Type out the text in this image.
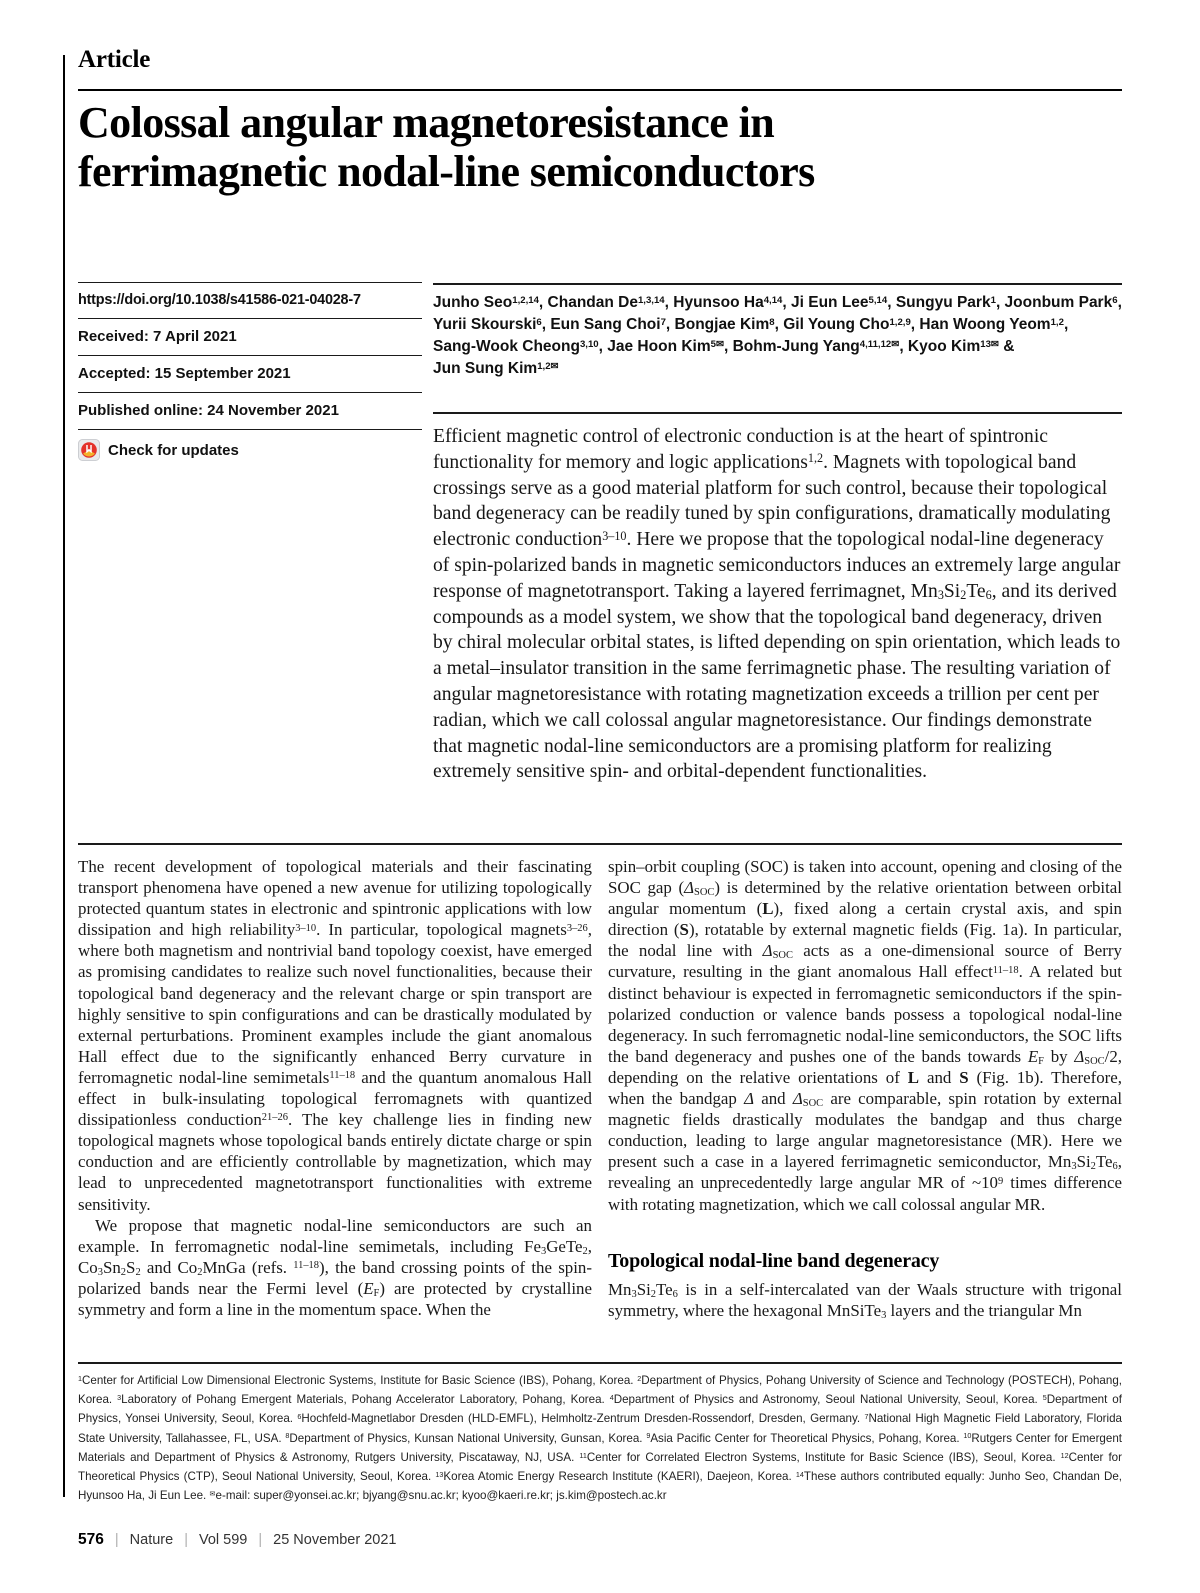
Article
Colossal angular magnetoresistance in
ferrimagnetic nodal-line semiconductors
https://doi.org/10.1038/s41586-021-04028-7
Received: 7 April 2021
Accepted: 15 September 2021
Published online: 24 November 2021
Check for updates
Junho Seo$^{1,2,14}$, Chandan De$^{1,3,14}$, Hyunsoo Ha$^{4,14}$, Ji Eun Lee$^{5,14}$, Sungyu Park$^1$, Joonbum Park$^6$,
Yurii Skourski$^6$, Eun Sang Choi$^7$, Bongjae Kim$^8$, Gil Young Cho$^{1,2,9}$, Han Woong Yeom$^{1,2}$,
Sang-Wook Cheong$^{3,10}$, Jae Hoon Kim$^{5✉}$, Bohm-Jung Yang$^{4,11,12✉}$, Kyoo Kim$^{13✉}$ &
Jun Sung Kim$^{1,2✉}$
Efficient magnetic control of electronic conduction is at the heart of spintronic functionality for memory and logic applications$^{1,2}$. Magnets with topological band crossings serve as a good material platform for such control, because their topological band degeneracy can be readily tuned by spin configurations, dramatically modulating electronic conduction$^{3-10}$. Here we propose that the topological nodal-line degeneracy of spin-polarized bands in magnetic semiconductors induces an extremely large angular response of magnetotransport. Taking a layered ferrimagnet, $Mn_3Si_2Te_6$, and its derived compounds as a model system, we show that the topological band degeneracy, driven by chiral molecular orbital states, is lifted depending on spin orientation, which leads to a metal–insulator transition in the same ferrimagnetic phase. The resulting variation of angular magnetoresistance with rotating magnetization exceeds a trillion per cent per radian, which we call colossal angular magnetoresistance. Our findings demonstrate that magnetic nodal-line semiconductors are a promising platform for realizing extremely sensitive spin- and orbital-dependent functionalities.

The recent development of topological materials and their fascinating transport phenomena have opened a new avenue for utilizing topologically protected quantum states in electronic and spintronic applications with low dissipation and high reliability$^{3-10}$. In particular, topological magnets$^{3-26}$, where both magnetism and nontrivial band topology coexist, have emerged as promising candidates to realize such novel functionalities, because their topological band degeneracy and the relevant charge or spin transport are highly sensitive to spin configurations and can be drastically modulated by external perturbations. Prominent examples include the giant anomalous Hall effect due to the significantly enhanced Berry curvature in ferromagnetic nodal-line semimetals$^{11-18}$ and the quantum anomalous Hall effect in bulk-insulating topological ferromagnets with quantized dissipationless conduction$^{21-26}$. The key challenge lies in finding new topological magnets whose topological bands entirely dictate charge or spin conduction and are efficiently controllable by magnetization, which may lead to unprecedented magnetotransport functionalities with extreme sensitivity.

We propose that magnetic nodal-line semiconductors are such an example. In ferromagnetic nodal-line semimetals, including $Fe_3GeTe_2$, $Co_3Sn_2S_2$ and $Co_2MnGa$ (refs. $^{11-18}$), the band crossing points of the spin-polarized bands near the Fermi level $(E_F)$ are protected by crystalline symmetry and form a line in the momentum space. When the

spin–orbit coupling (SOC) is taken into account, opening and closing of the SOC gap $(\Delta_{SOC})$ is determined by the relative orientation between orbital angular momentum (L), fixed along a certain crystal axis, and spin direction (S), rotatable by external magnetic fields (Fig. 1a). In particular, the nodal line with $\Delta_{SOC}$ acts as a one-dimensional source of Berry curvature, resulting in the giant anomalous Hall effect$^{11-18}$. A related but distinct behaviour is expected in ferromagnetic semiconductors if the spin-polarized conduction or valence bands possess a topological nodal-line degeneracy. In such ferromagnetic nodal-line semiconductors, the SOC lifts the band degeneracy and pushes one of the bands towards $E_F$ by $\Delta_{SOC}/2$, depending on the relative orientations of L and S (Fig. 1b). Therefore, when the bandgap Δ and $\Delta_{SOC}$ are comparable, spin rotation by external magnetic fields drastically modulates the bandgap and thus charge conduction, leading to large angular magnetoresistance (MR). Here we present such a case in a layered ferrimagnetic semiconductor, $Mn_3Si_2Te_6$, revealing an unprecedentedly large angular MR of $\sim 10^9$ times difference with rotating magnetization, which we call colossal angular MR.

Topological nodal-line band degeneracy

$Mn_3Si_2Te_6$ is in a self-intercalated van der Waals structure with trigonal symmetry, where the hexagonal MnSiTe$_3$ layers and the triangular Mn

$^1$Center for Artificial Low Dimensional Electronic Systems, Institute for Basic Science (IBS), Pohang, Korea. $^2$Department of Physics, Pohang University of Science and Technology (POSTECH), Pohang, Korea. $^3$Laboratory of Pohang Emergent Materials, Pohang Accelerator Laboratory, Pohang, Korea. $^4$Department of Physics and Astronomy, Seoul National University, Seoul, Korea. $^5$Department of Physics, Yonsei University, Seoul, Korea. $^6$Hochfeld-Magnetlabor Dresden (HLD-EMFL), Helmholtz-Zentrum Dresden-Rossendorf, Dresden, Germany. $^7$National High Magnetic Field Laboratory, Florida State University, Tallahassee, FL, USA. $^8$Department of Physics, Kunsan National University, Gunsan, Korea. $^9$Asia Pacific Center for Theoretical Physics, Pohang, Korea. $^{10}$Rutgers Center for Emergent Materials and Department of Physics & Astronomy, Rutgers University, Piscataway, NJ, USA. $^{11}$Center for Correlated Electron Systems, Institute for Basic Science (IBS), Seoul, Korea. $^{12}$Center for Theoretical Physics (CTP), Seoul National University, Seoul, Korea. $^{13}$Korea Atomic Energy Research Institute (KAERI), Daejeon, Korea. $^{14}$These authors contributed equally: Junho Seo, Chandan De, Hyunsoo Ha, Ji Eun Lee. ✉e-mail: super@yonsei.ac.kr; bjyang@snu.ac.kr; kyoo@kaeri.re.kr; js.kim@postech.ac.kr
576 | Nature | Vol 599 | 25 November 2021
